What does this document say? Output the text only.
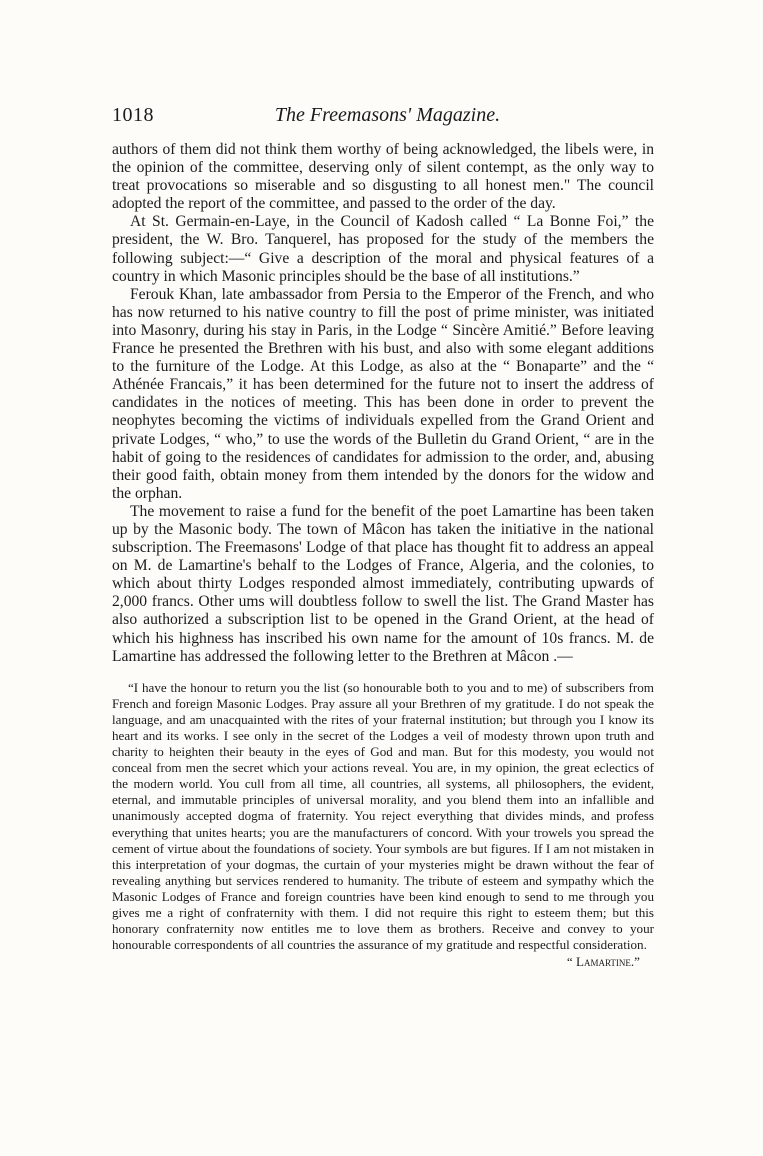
1018	The Freemasons' Magazine.

authors of them did not think them worthy of being acknowledged, the libels were, in the opinion of the committee, deserving only of silent contempt, as the only way to treat provocations so miserable and so disgusting to all honest men." The council adopted the report of the committee, and passed to the order of the day.

At St. Germain-en-Laye, in the Council of Kadosh called “ La Bonne Foi,” the president, the W. Bro. Tanquerel, has proposed for the study of the members the following subject:—“ Give a description of the moral and physical features of a country in which Masonic principles should be the base of all institutions.”

Ferouk Khan, late ambassador from Persia to the Emperor of the French, and who has now returned to his native country to fill the post of prime minister, was initiated into Masonry, during his stay in Paris, in the Lodge “ Sincère Amitié.” Before leaving France he presented the Brethren with his bust, and also with some elegant additions to the furniture of the Lodge. At this Lodge, as also at the “ Bonaparte” and the “ Athénée Francais,” it has been determined for the future not to insert the address of candidates in the notices of meeting. This has been done in order to prevent the neophytes becoming the victims of individuals expelled from the Grand Orient and private Lodges, “ who,” to use the words of the Bulletin du Grand Orient, “ are in the habit of going to the residences of candidates for admission to the order, and, abusing their good faith, obtain money from them intended by the donors for the widow and the orphan.

The movement to raise a fund for the benefit of the poet Lamartine has been taken up by the Masonic body. The town of Mâcon has taken the initiative in the national subscription. The Freemasons' Lodge of that place has thought fit to address an appeal on M. de Lamartine's behalf to the Lodges of France, Algeria, and the colonies, to which about thirty Lodges responded almost immediately, contributing upwards of 2,000 francs. Other ums will doubtless follow to swell the list. The Grand Master has also authorized a subscription list to be opened in the Grand Orient, at the head of which his highness has inscribed his own name for the amount of 10s francs. M. de Lamartine has addressed the following letter to the Brethren at Mâcon .—

“I have the honour to return you the list (so honourable both to you and to me) of subscribers from French and foreign Masonic Lodges. Pray assure all your Brethren of my gratitude. I do not speak the language, and am unacquainted with the rites of your fraternal institution; but through you I know its heart and its works. I see only in the secret of the Lodges a veil of modesty thrown upon truth and charity to heighten their beauty in the eyes of God and man. But for this modesty, you would not conceal from men the secret which your actions reveal. You are, in my opinion, the great eclectics of the modern world. You cull from all time, all countries, all systems, all philosophers, the evident, eternal, and immutable principles of universal morality, and you blend them into an infallible and unanimously accepted dogma of fraternity. You reject everything that divides minds, and profess everything that unites hearts; you are the manufacturers of concord. With your trowels you spread the cement of virtue about the foundations of society. Your symbols are but figures. If I am not mistaken in this interpretation of your dogmas, the curtain of your mysteries might be drawn without the fear of revealing anything but services rendered to humanity. The tribute of esteem and sympathy which the Masonic Lodges of France and foreign countries have been kind enough to send to me through you gives me a right of confraternity with them. I did not require this right to esteem them; but this honorary confraternity now entitles me to love them as brothers. Receive and convey to your honourable correspondents of all countries the assurance of my gratitude and respectful consideration.

“ Lamartine.”
